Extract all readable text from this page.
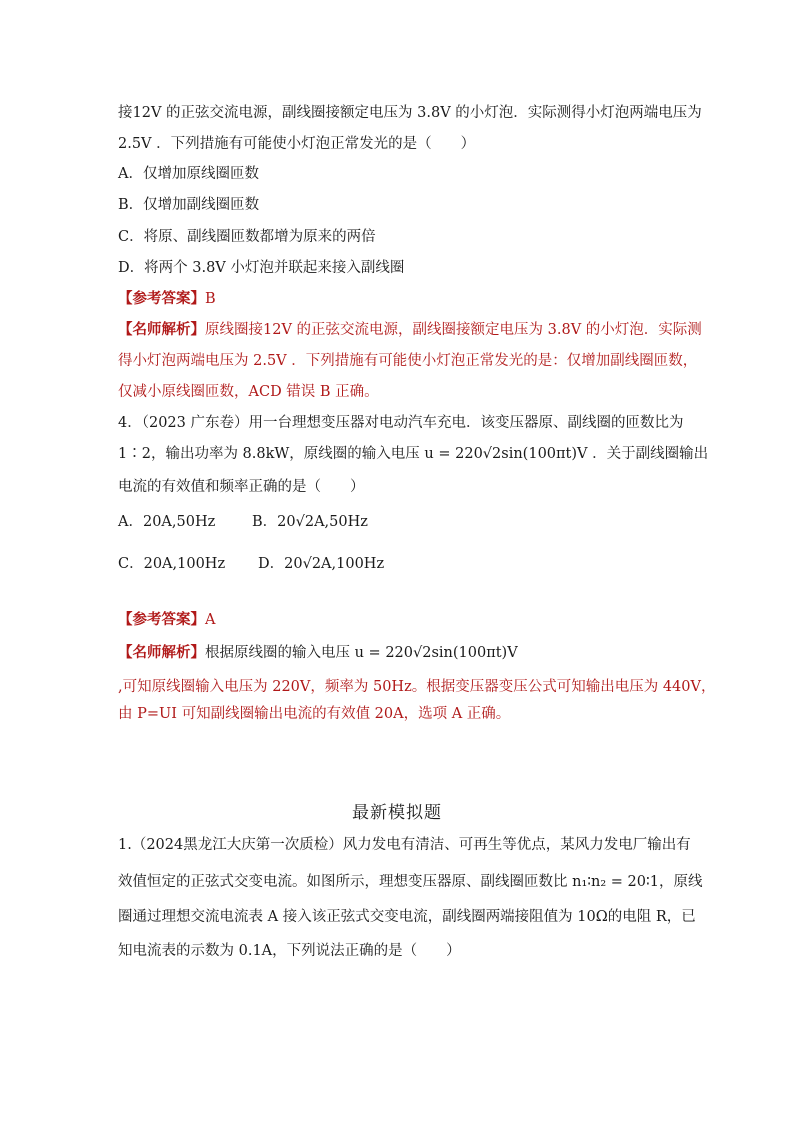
接12V 的正弦交流电源，副线圈接额定电压为 3.8V 的小灯泡．实际测得小灯泡两端电压为
2.5V ．下列措施有可能使小灯泡正常发光的是（　　）
A．仅增加原线圈匝数
B．仅增加副线圈匝数
C．将原、副线圈匝数都增为原来的两倍
D．将两个 3.8V 小灯泡并联起来接入副线圈
【参考答案】B
【名师解析】原线圈接12V 的正弦交流电源，副线圈接额定电压为 3.8V 的小灯泡．实际测
得小灯泡两端电压为 2.5V ．下列措施有可能使小灯泡正常发光的是：仅增加副线圈匝数，
仅减小原线圈匝数，ACD 错误 B 正确。
4．（2023 广东卷）用一台理想变压器对电动汽车充电．该变压器原、副线圈的匝数比为
1∶2，输出功率为 8.8kW，原线圈的输入电压 u = 220√2sin(100πt)V ．关于副线圈输出
电流的有效值和频率正确的是（　　）
A．20A,50Hz	B．20√2A,50Hz
C．20A,100Hz D．20√2A,100Hz
【参考答案】A
【名师解析】根据原线圈的输入电压 u = 220√2sin(100πt)V
,可知原线圈输入电压为 220V，频率为 50Hz。根据变压器变压公式可知输出电压为 440V，
由 P=UI 可知副线圈输出电流的有效值 20A，选项 A 正确。
最新模拟题
1.（2024黑龙江大庆第一次质检）风力发电有清洁、可再生等优点，某风力发电厂输出有
效值恒定的正弦式交变电流。如图所示，理想变压器原、副线圈匝数比 n₁∶n₂ = 20∶1，原线
圈通过理想交流电流表 A 接入该正弦式交变电流，副线圈两端接阻值为 10Ω的电阻 R，已
知电流表的示数为 0.1A，下列说法正确的是（　　）
